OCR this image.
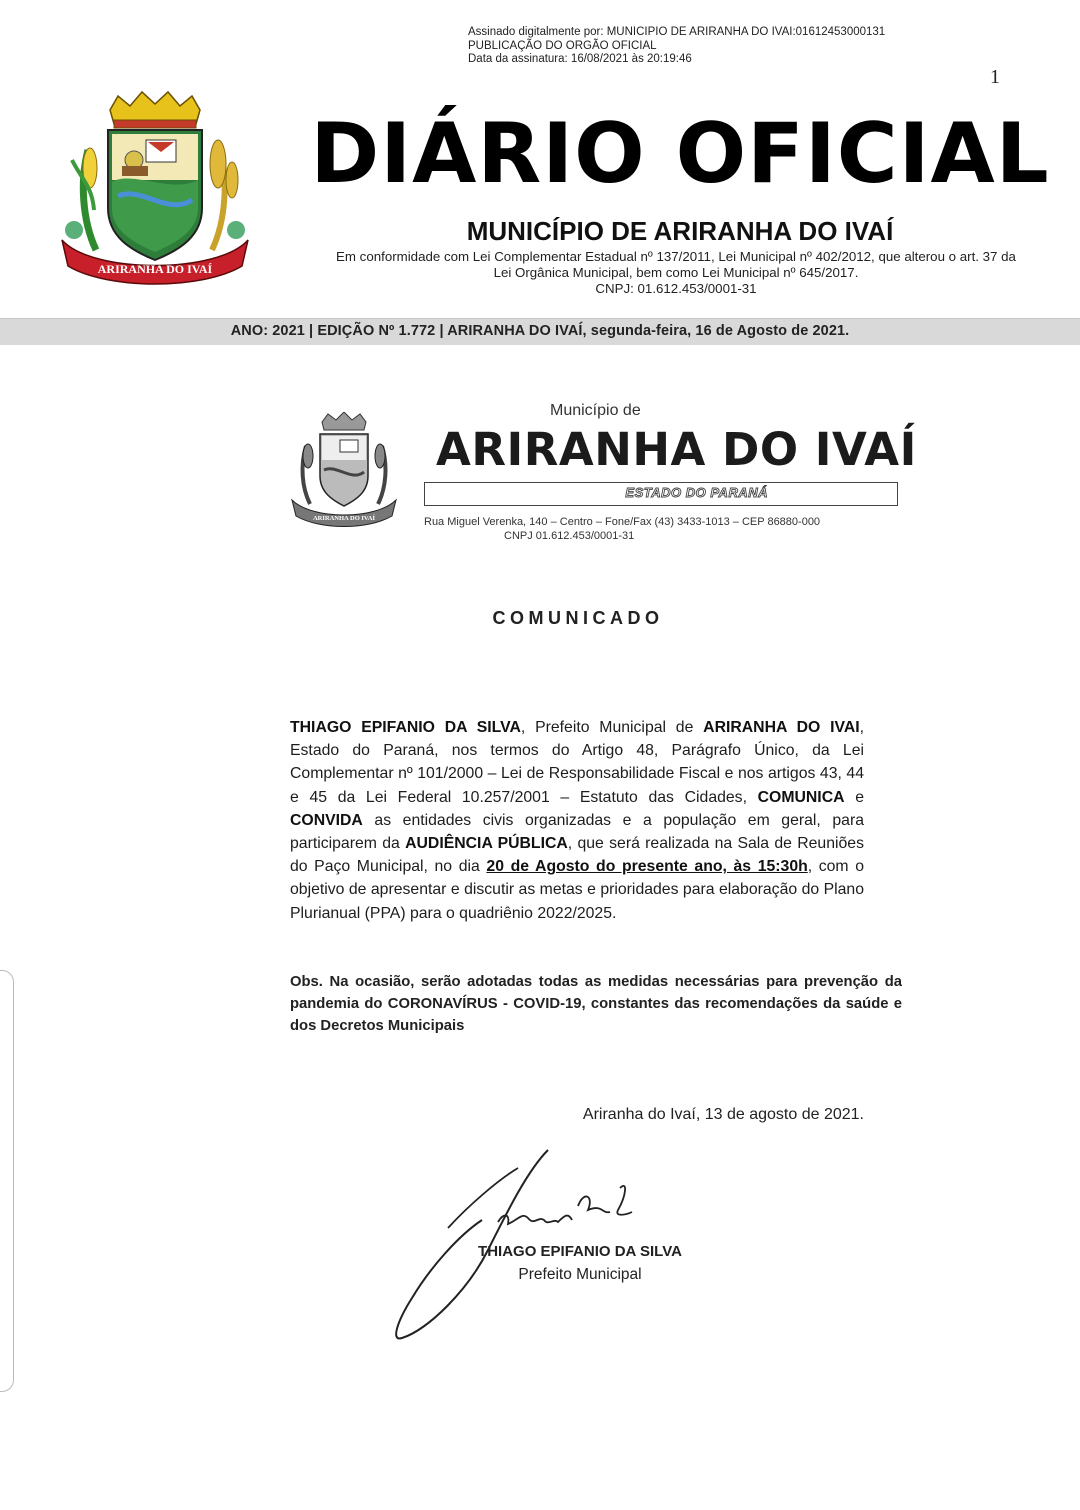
Assinado digitalmente por: MUNICIPIO DE ARIRANHA DO IVAI:01612453000131
PUBLICAÇÃO DO ORGÃO OFICIAL
Data da assinatura: 16/08/2021 às 20:19:46
1
ARIRANHA DO IVAÍ
DIÁRIO OFICIAL
MUNICÍPIO DE ARIRANHA DO IVAÍ
Em conformidade com Lei Complementar Estadual nº 137/2011, Lei Municipal nº 402/2012, que alterou o art. 37 da
Lei Orgânica Municipal, bem como Lei Municipal nº 645/2017.
CNPJ: 01.612.453/0001-31
ANO: 2021 | EDIÇÃO Nº 1.772 | ARIRANHA DO IVAÍ, segunda-feira, 16 de Agosto de 2021.
ARIRANHA DO IVAÍ
Município de
ARIRANHA DO IVAÍ
ESTADO DO PARANÁ
Rua Miguel Verenka, 140 – Centro – Fone/Fax (43) 3433-1013 – CEP 86880-000
CNPJ 01.612.453/0001-31
COMUNICADO
THIAGO EPIFANIO DA SILVA, Prefeito Municipal de ARIRANHA DO IVAI, Estado do Paraná, nos termos do Artigo 48, Parágrafo Único, da Lei Complementar nº 101/2000 – Lei de Responsabilidade Fiscal e nos artigos 43, 44 e 45 da Lei Federal 10.257/2001 – Estatuto das Cidades, COMUNICA e CONVIDA as entidades civis organizadas e a população em geral, para participarem da AUDIÊNCIA PÚBLICA, que será realizada na Sala de Reuniões do Paço Municipal, no dia 20 de Agosto do presente ano, às 15:30h, com o objetivo de apresentar e discutir as metas e prioridades para elaboração do Plano Plurianual (PPA) para o quadriênio 2022/2025.
Obs. Na ocasião, serão adotadas todas as medidas necessárias para prevenção da pandemia do CORONAVÍRUS - COVID-19, constantes das recomendações da saúde e dos Decretos Municipais
Ariranha do Ivaí, 13 de agosto de 2021.
THIAGO EPIFANIO DA SILVA
Prefeito Municipal
